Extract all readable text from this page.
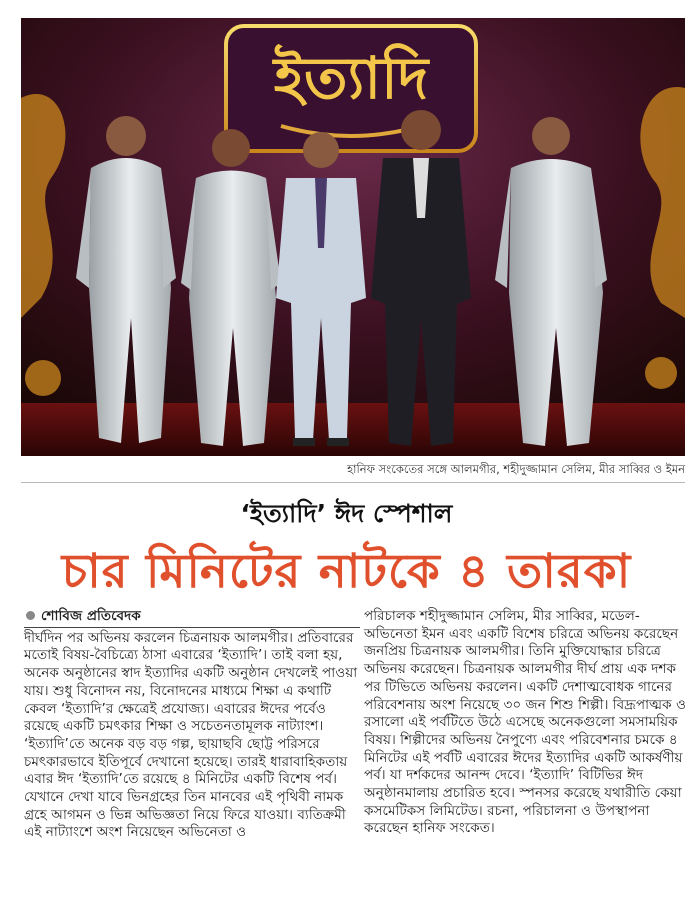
ইত্যাদি
হানিফ সংকেতের সঙ্গে আলমগীর, শহীদুজ্জামান সেলিম, মীর সাব্বির ও ইমন
‘ইত্যাদি’ ঈদ স্পেশাল
চার মিনিটের নাটকে ৪ তারকা
শোবিজ প্রতিবেদক

দীর্ঘদিন পর অভিনয় করলেন চিত্রনায়ক আলমগীর। প্রতিবারের মতোই বিষয়-বৈচিত্র্যে ঠাসা এবারের ‘ইত্যাদি’। তাই বলা হয়, অনেক অনুষ্ঠানের স্বাদ ইত্যাদির একটি অনুষ্ঠান দেখলেই পাওয়া যায়। শুধু বিনোদন নয়, বিনোদনের মাধ্যমে শিক্ষা এ কথাটি কেবল ‘ইত্যাদি’র ক্ষেত্রেই প্রযোজ্য। এবারের ঈদের পর্বেও রয়েছে একটি চমৎকার শিক্ষা ও সচেতনতামূলক নাট্যাংশ। ‘ইত্যাদি’তে অনেক বড় বড় গল্প, ছায়াছবি ছোট্ট পরিসরে চমৎকারভাবে ইতিপূর্বে দেখানো হয়েছে। তারই ধারাবাহিকতায় এবার ঈদ ‘ইত্যাদি’তে রয়েছে ৪ মিনিটের একটি বিশেষ পর্ব। যেখানে দেখা যাবে ভিনগ্রহের তিন মানবের এই পৃথিবী নামক গ্রহে আগমন ও ভিন্ন অভিজ্ঞতা নিয়ে ফিরে যাওয়া। ব্যতিক্রমী এই নাট্যাংশে অংশ নিয়েছেন অভিনেতা ও

পরিচালক শহীদুজ্জামান সেলিম, মীর সাব্বির, মডেল-অভিনেতা ইমন এবং একটি বিশেষ চরিত্রে অভিনয় করেছেন জনপ্রিয় চিত্রনায়ক আলমগীর। তিনি মুক্তিযোদ্ধার চরিত্রে অভিনয় করেছেন। চিত্রনায়ক আলমগীর দীর্ঘ প্রায় এক দশক পর টিভিতে অভিনয় করলেন। একটি দেশাত্মবোধক গানের পরিবেশনায় অংশ নিয়েছে ৩০ জন শিশু শিল্পী। বিদ্রূপাত্মক ও রসালো এই পর্বটিতে উঠে এসেছে অনেকগুলো সমসাময়িক বিষয়। শিল্পীদের অভিনয় নৈপুণ্যে এবং পরিবেশনার চমকে ৪ মিনিটের এই পর্বটি এবারের ঈদের ইত্যাদির একটি আকর্ষণীয় পর্ব। যা দর্শকদের আনন্দ দেবে। ‘ইত্যাদি’ বিটিভির ঈদ অনুষ্ঠানমালায় প্রচারিত হবে। স্পনসর করেছে যথারীতি কেয়া কসমেটিকস লিমিটেড। রচনা, পরিচালনা ও উপস্থাপনা করেছেন হানিফ সংকেত।
